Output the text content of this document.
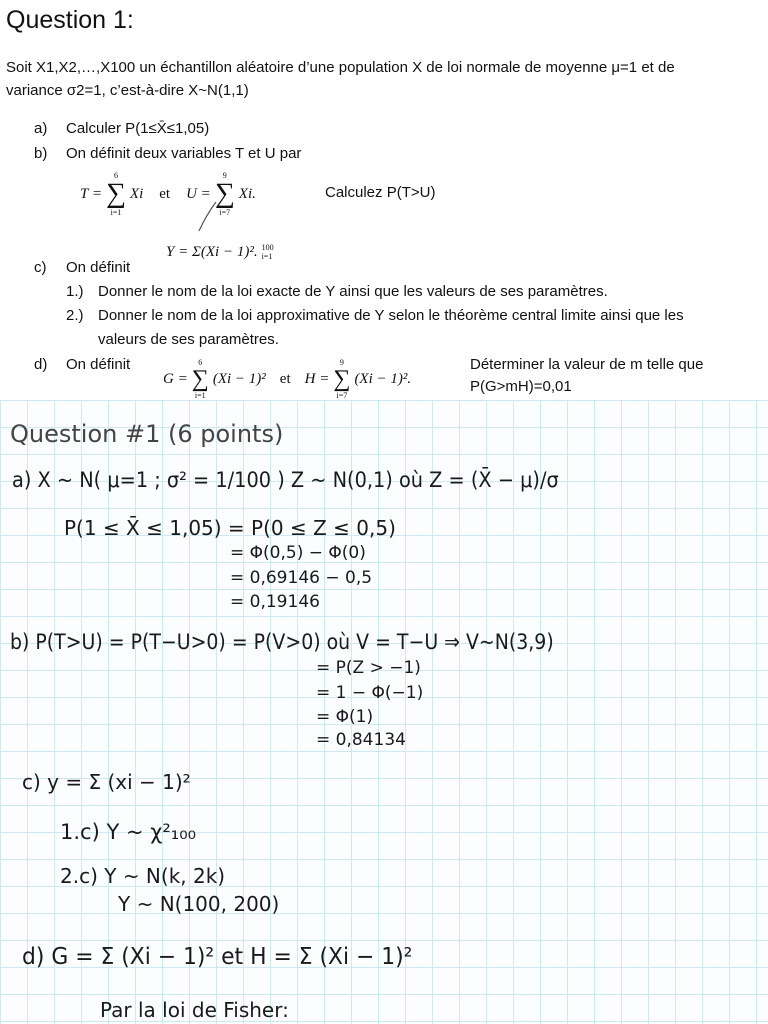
Question 1:
Soit X1,X2,…,X100 un échantillon aléatoire d’une population X de loi normale de moyenne μ=1 et de
variance σ2=1, c’est-à-dire X~N(1,1)
a) Calculer P(1≤X̄≤1,05)
b) On définit deux variables T et U par
T =
6
∑
i=1
Xi et U =
9
∑
i=7
Xi.	Calculez P(T>U)
Y = Σ(Xi − 1)². 100
i=1
c) On définit
1.) Donner le nom de la loi exacte de Y ainsi que les valeurs de ses paramètres.
2.) Donner le nom de la loi approximative de Y selon le théorème central limite ainsi que les
valeurs de ses paramètres.
d) On définit
G =
6
∑
i=1
(Xi − 1)² et H =
9
∑
i=7
(Xi − 1)².
Déterminer la valeur de m telle que
P(G>mH)=0,01
Question #1 (6 points)
a) X ~ N( μ=1 ; σ² = 1/100 ) Z ~ N(0,1) où Z = (X̄ − μ)/σ
P(1 ≤ X̄ ≤ 1,05) = P(0 ≤ Z ≤ 0,5)
= Φ(0,5) − Φ(0)
= 0,69146 − 0,5
= 0,19146
b) P(T>U) = P(T−U>0) = P(V>0) où V = T−U ⇒ V~N(3,9)
= P(Z > −1)
= 1 − Φ(−1)
= Φ(1)
= 0,84134
c) y = Σ (xi − 1)²
1.c) Y ~ χ²₁₀₀
2.c) Y ~ N(k, 2k)
Y ~ N(100, 200)
d) G = Σ (Xi − 1)² et H = Σ (Xi − 1)²
Par la loi de Fisher:
